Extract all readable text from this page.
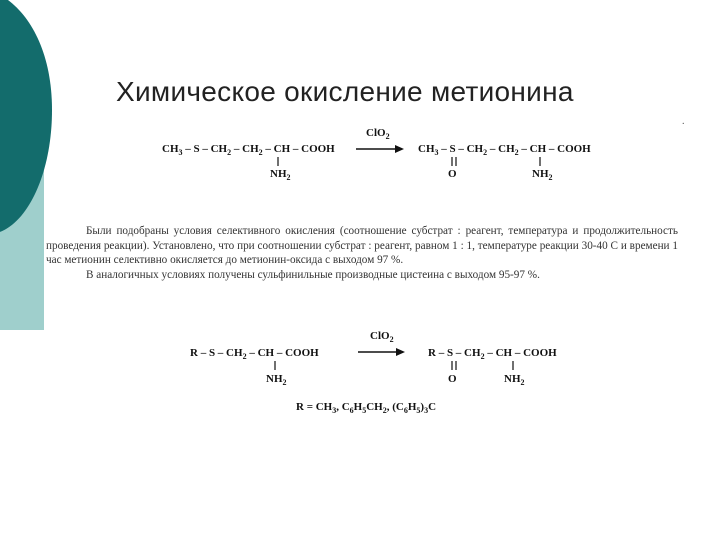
Химическое окисление метионина
.
$CH_3$ – S – $CH_2 - CH_2$ – CH – COOH
$NH_2$
ClO$_2$
$CH_3$ – S – $CH_2 - CH_2$ – CH – COOH
O	$NH_2$
R – S – $CH_2$ – CH – COOH
$NH_2$
ClO$_2$
R – S – $CH_2$ – CH – COOH
O	$NH_2$
$R = CH_3$, $C_6H_5CH_2$, $(C_6H_5)_3C$

Были подобраны условия селективного окисления (соотношение субстрат : реагент, температура и продолжительность проведения реакции). Установлено, что при соотношении субстрат : реагент, равном 1 : 1, температуре реакции 30-40 С и времени 1 час метионин селективно окисляется до метионин-оксида с выходом 97 %.

В аналогичных условиях получены сульфинильные производные цистеина с выходом 95-97 %.
